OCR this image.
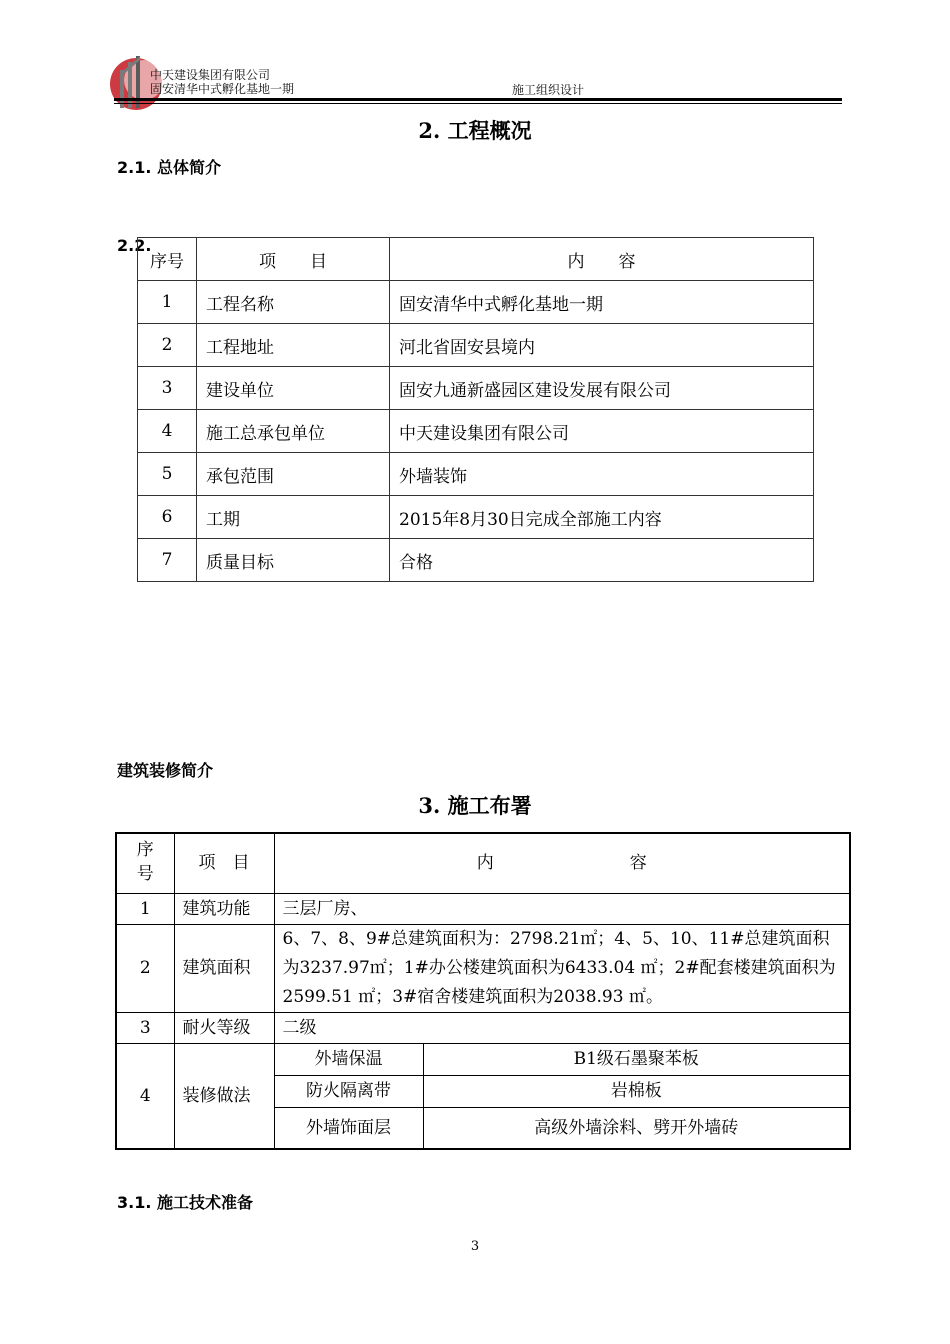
中天建设集团有限公司
固安清华中式孵化基地一期	施工组织设计
2. 工程概况
2.1. 总体简介
2.2.
序号	项　　目	内　　容
1	工程名称	固安清华中式孵化基地一期
2	工程地址	河北省固安县境内
3	建设单位	固安九通新盛园区建设发展有限公司
4	施工总承包单位	中天建设集团有限公司
5	承包范围	外墙装饰
6	工期	2015年8月30日完成全部施工内容
7	质量目标	合格
建筑装修简介
3. 施工布署
序号	项　目	内　　　　　　　　容
1	建筑功能	三层厂房、
2	建筑面积	6、7、8、9#总建筑面积为：2798.21㎡；4、5、10、11#总建筑面积为3237.97㎡；1#办公楼建筑面积为6433.04 ㎡；2#配套楼建筑面积为2599.51 ㎡；3#宿舍楼建筑面积为2038.93 ㎡。
3	耐火等级	二级
4	装修做法	
外墙保温	B1级石墨聚苯板
防火隔离带	岩棉板
外墙饰面层	高级外墙涂料、劈开外墙砖
3.1. 施工技术准备
3
